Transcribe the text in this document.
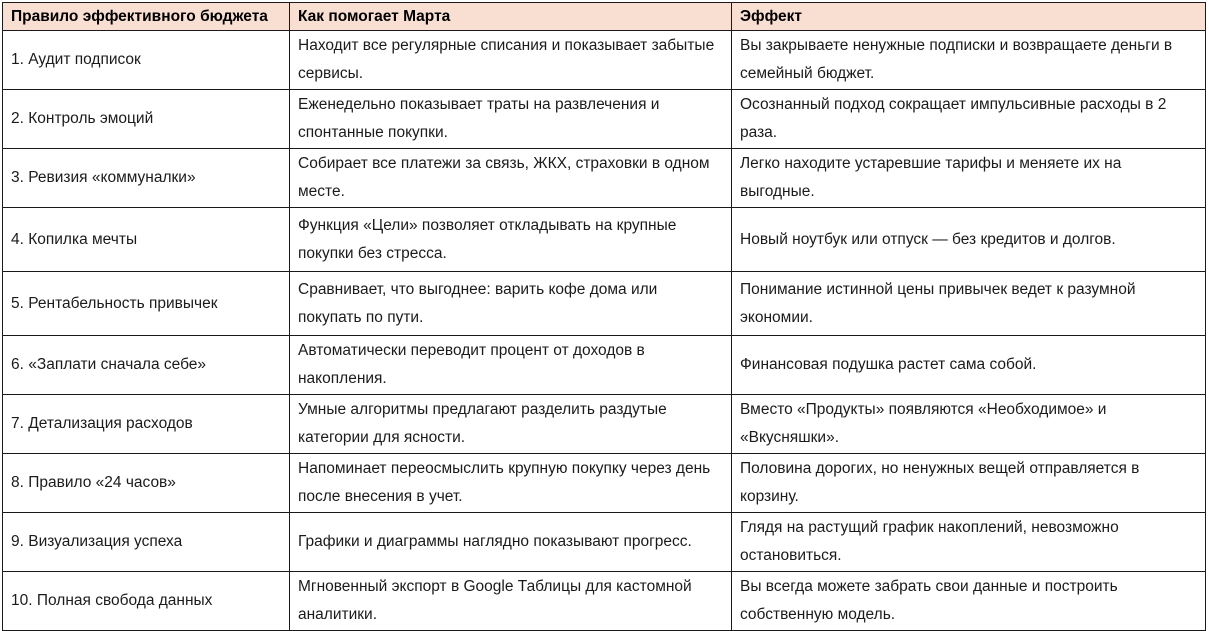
Правило эффективного бюджета	Как помогает Марта	Эффект
1. Аудит подписок	Находит все регулярные списания и показывает забытые сервисы.	Вы закрываете ненужные подписки и возвращаете деньги в семейный бюджет.
2. Контроль эмоций	Еженедельно показывает траты на развлечения и спонтанные покупки.	Осознанный подход сокращает импульсивные расходы в 2 раза.
3. Ревизия «коммуналки»	Собирает все платежи за связь, ЖКХ, страховки в одном месте.	Легко находите устаревшие тарифы и меняете их на выгодные.
4. Копилка мечты	Функция «Цели» позволяет откладывать на крупные покупки без стресса.	Новый ноутбук или отпуск — без кредитов и долгов.
5. Рентабельность привычек	Сравнивает, что выгоднее: варить кофе дома или покупать по пути.	Понимание истинной цены привычек ведет к разумной экономии.
6. «Заплати сначала себе»	Автоматически переводит процент от доходов в накопления.	Финансовая подушка растет сама собой.
7. Детализация расходов	Умные алгоритмы предлагают разделить раздутые категории для ясности.	Вместо «Продукты» появляются «Необходимое» и «Вкусняшки».
8. Правило «24 часов»	Напоминает переосмыслить крупную покупку через день после внесения в учет.	Половина дорогих, но ненужных вещей отправляется в корзину.
9. Визуализация успеха	Графики и диаграммы наглядно показывают прогресс.	Глядя на растущий график накоплений, невозможно остановиться.
10. Полная свобода данных	Мгновенный экспорт в Google Таблицы для кастомной аналитики.	Вы всегда можете забрать свои данные и построить собственную модель.
